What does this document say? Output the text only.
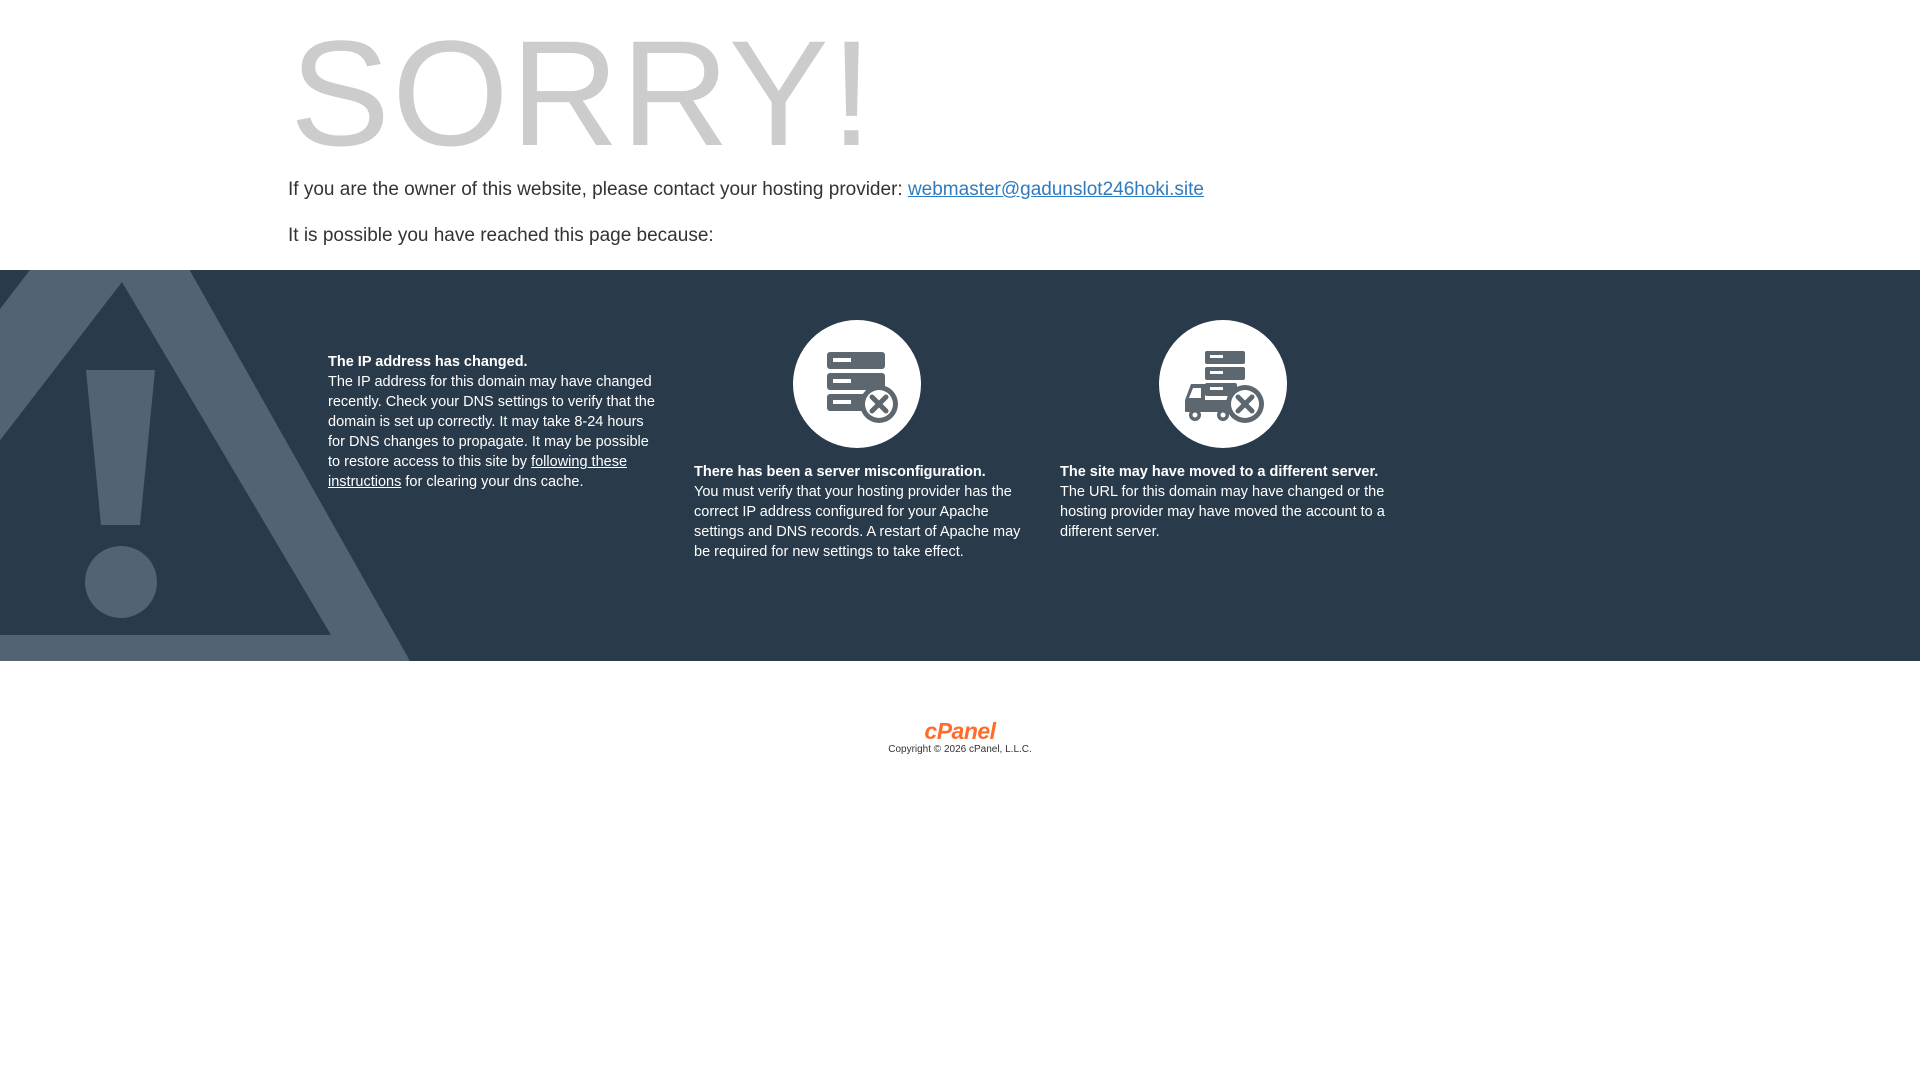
SORRY!
If you are the owner of this website, please contact your hosting provider: webmaster@gadunslot246hoki.site
It is possible you have reached this page because:
The IP address has changed.

The IP address for this domain may have changed recently. Check your DNS settings to verify that the domain is set up correctly. It may take 8-24 hours for DNS changes to propagate. It may be possible to restore access to this site by following these instructions for clearing your dns cache.

There has been a server misconfiguration.

You must verify that your hosting provider has the correct IP address configured for your Apache settings and DNS records. A restart of Apache may be required for new settings to take effect.

The site may have moved to a different server.

The URL for this domain may have changed or the hosting provider may have moved the account to a different server.

cPanel
Copyright © 2026 cPanel, L.L.C.
